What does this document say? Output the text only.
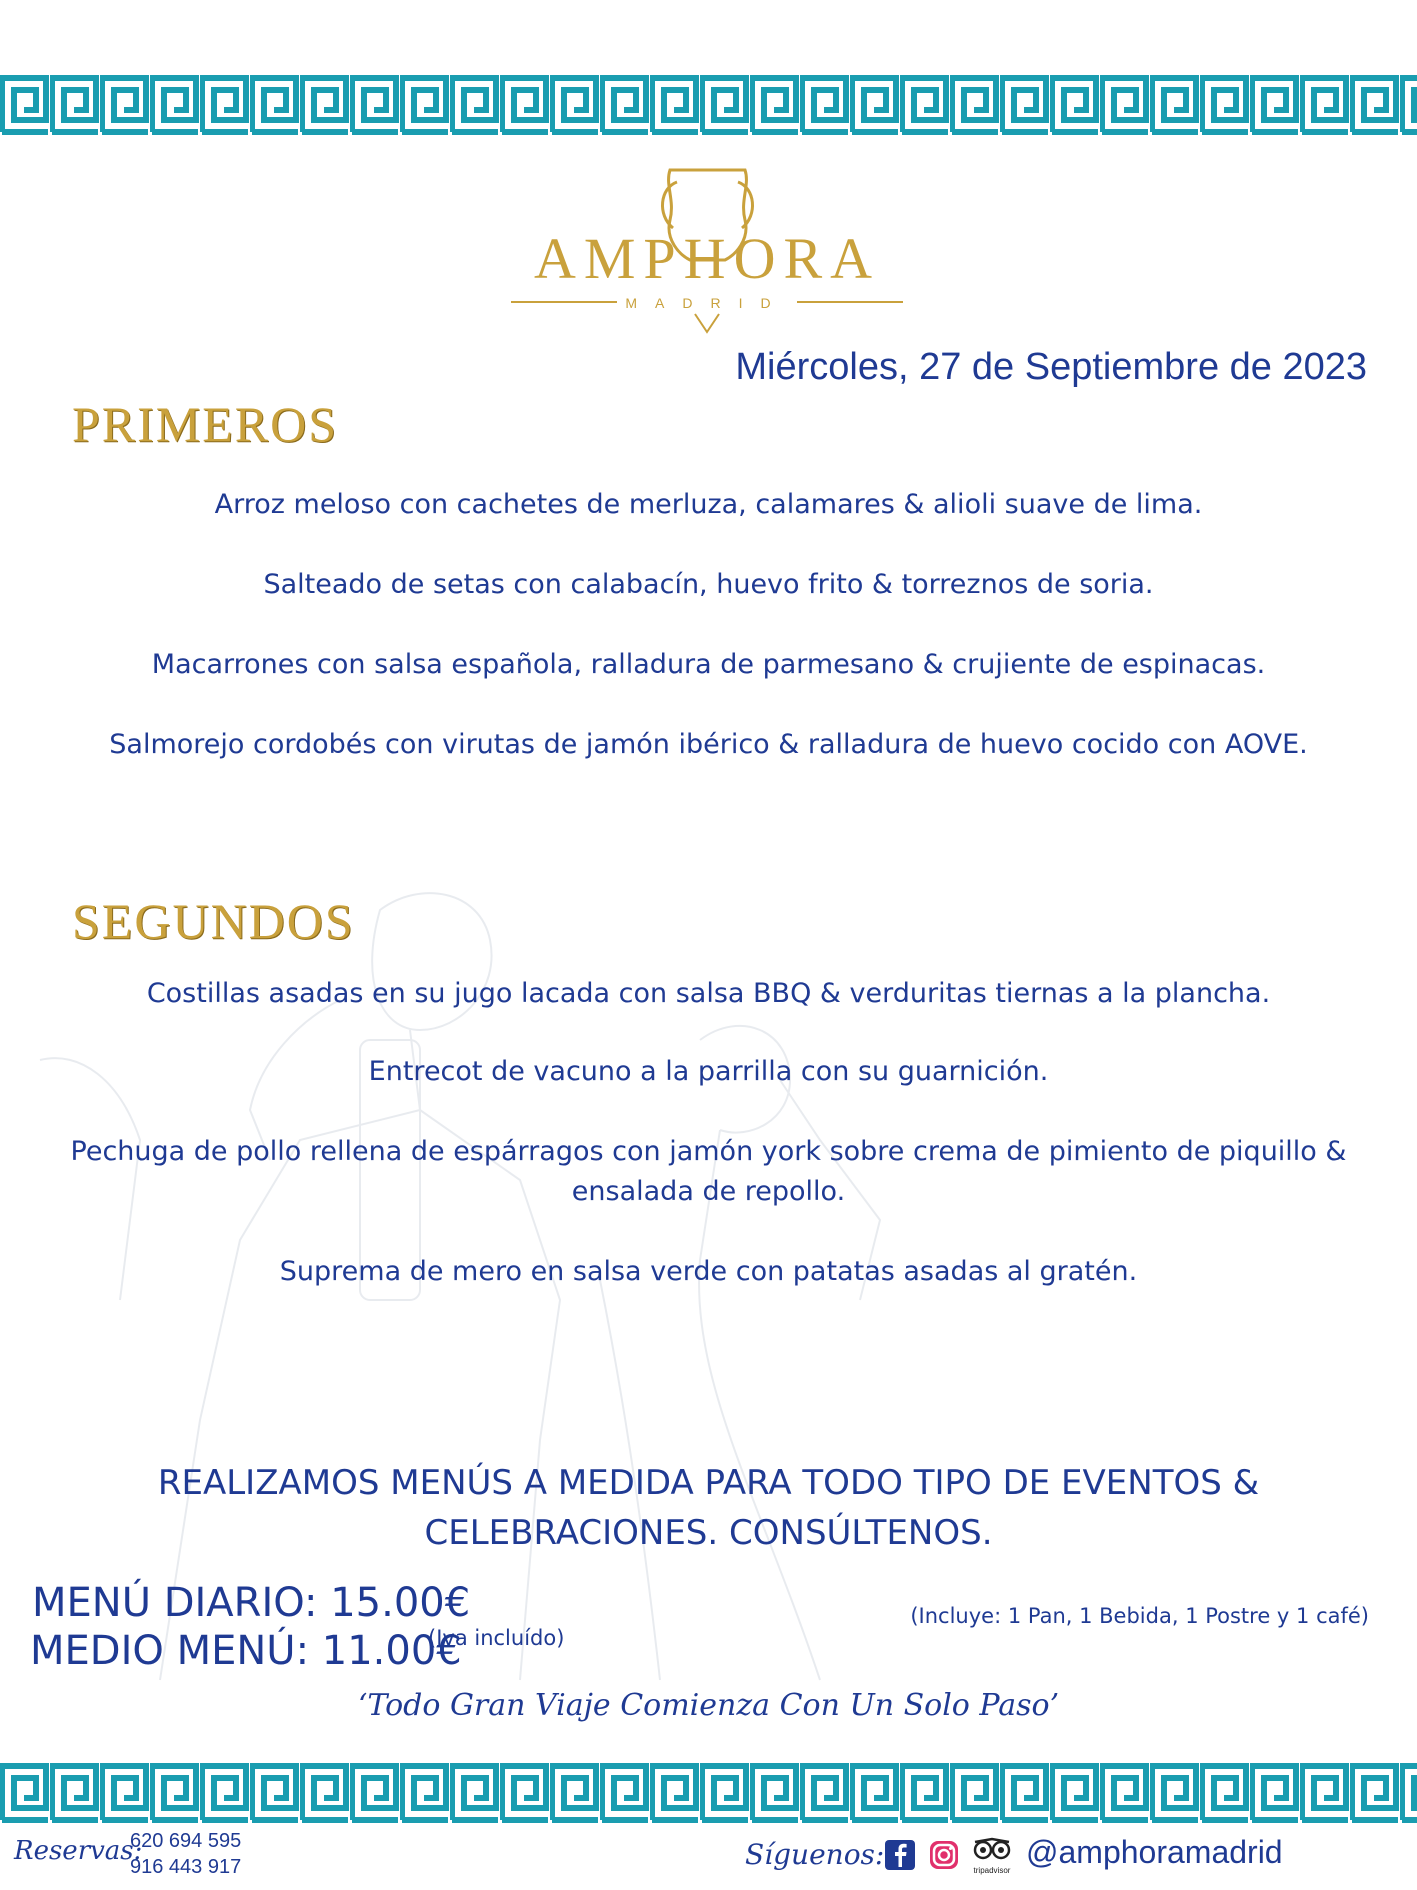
AMPHORA
MADRID
Miércoles, 27 de Septiembre de 2023
PRIMEROS
Arroz meloso con cachetes de merluza, calamares & alioli suave de lima.
Salteado de setas con calabacín, huevo frito & torreznos de soria.
Macarrones con salsa española, ralladura de parmesano & crujiente de espinacas.
Salmorejo cordobés con virutas de jamón ibérico & ralladura de huevo cocido con AOVE.
SEGUNDOS
Costillas asadas en su jugo lacada con salsa BBQ & verduritas tiernas a la plancha.
Entrecot de vacuno a la parrilla con su guarnición.
Pechuga de pollo rellena de espárragos con jamón york sobre crema de pimiento de piquillo & ensalada de repollo.
Suprema de mero en salsa verde con patatas asadas al gratén.
REALIZAMOS MENÚS A MEDIDA PARA TODO TIPO DE EVENTOS & CELEBRACIONES. CONSÚLTENOS.
MENÚ DIARIO: 15.00€
MEDIO MENÚ: 11.00€
(Iva incluído)
(Incluye: 1 Pan, 1 Bebida, 1 Postre y 1 café)
‘Todo Gran Viaje Comienza Con Un Solo Paso’
Reservas:
620 694 595
916 443 917	Síguenos:	tripadvisor
@amphoramadrid
